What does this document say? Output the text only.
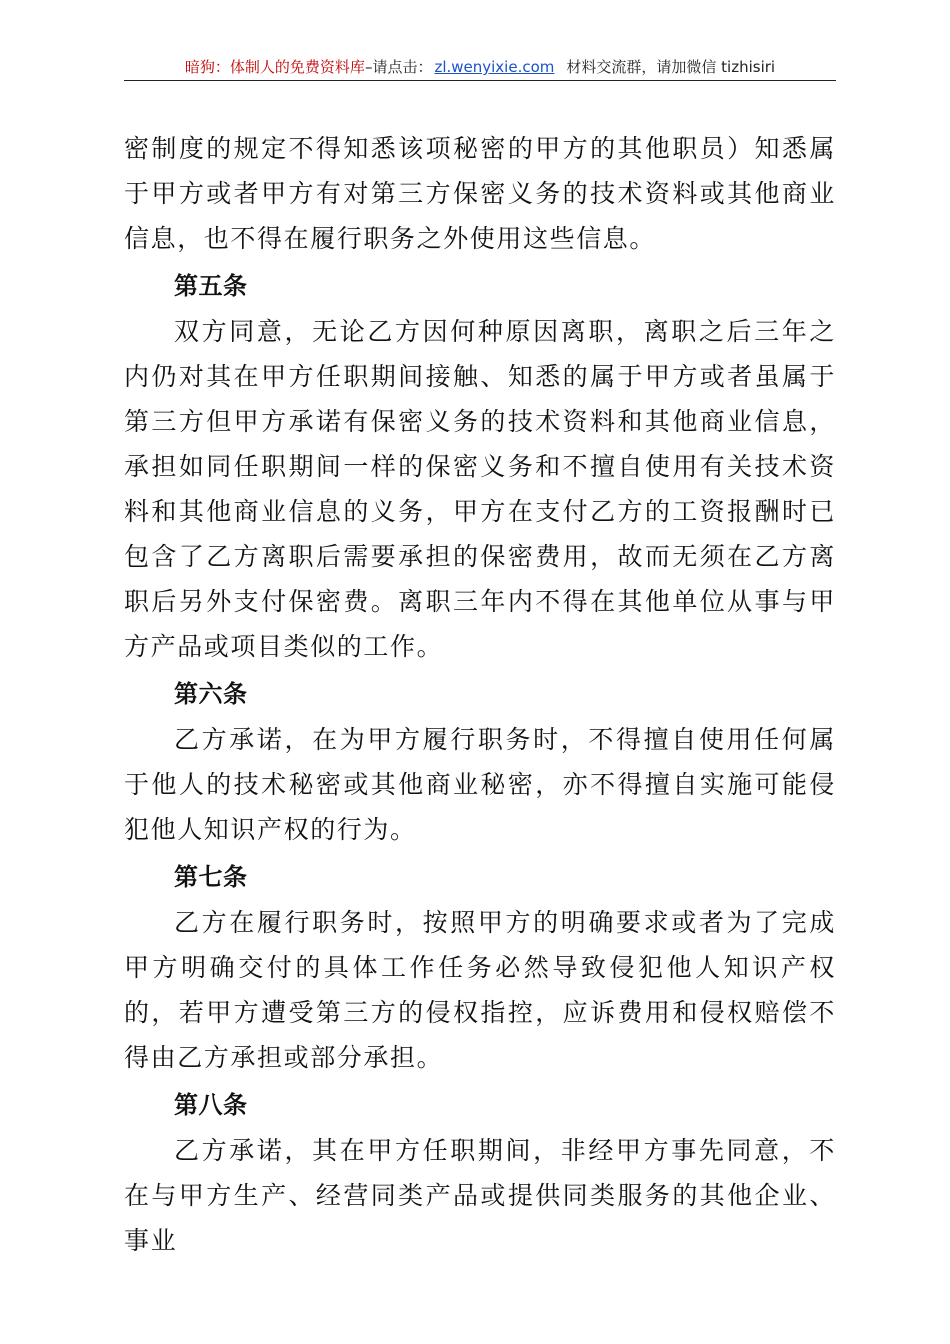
暗狗：体制人的免费资料库–请点击： zl.wenyixie.com 材料交流群，请加微信 tizhisiri

密制度的规定不得知悉该项秘密的甲方的其他职员）知悉属于甲方或者甲方有对第三方保密义务的技术资料或其他商业信息，也不得在履行职务之外使用这些信息。

第五条

双方同意，无论乙方因何种原因离职，离职之后三年之内仍对其在甲方任职期间接触、知悉的属于甲方或者虽属于第三方但甲方承诺有保密义务的技术资料和其他商业信息，承担如同任职期间一样的保密义务和不擅自使用有关技术资料和其他商业信息的义务，甲方在支付乙方的工资报酬时已包含了乙方离职后需要承担的保密费用，故而无须在乙方离职后另外支付保密费。离职三年内不得在其他单位从事与甲方产品或项目类似的工作。

第六条

乙方承诺，在为甲方履行职务时，不得擅自使用任何属于他人的技术秘密或其他商业秘密，亦不得擅自实施可能侵犯他人知识产权的行为。

第七条

乙方在履行职务时，按照甲方的明确要求或者为了完成甲方明确交付的具体工作任务必然导致侵犯他人知识产权的，若甲方遭受第三方的侵权指控，应诉费用和侵权赔偿不得由乙方承担或部分承担。

第八条

乙方承诺，其在甲方任职期间，非经甲方事先同意，不在与甲方生产、经营同类产品或提供同类服务的其他企业、事业
